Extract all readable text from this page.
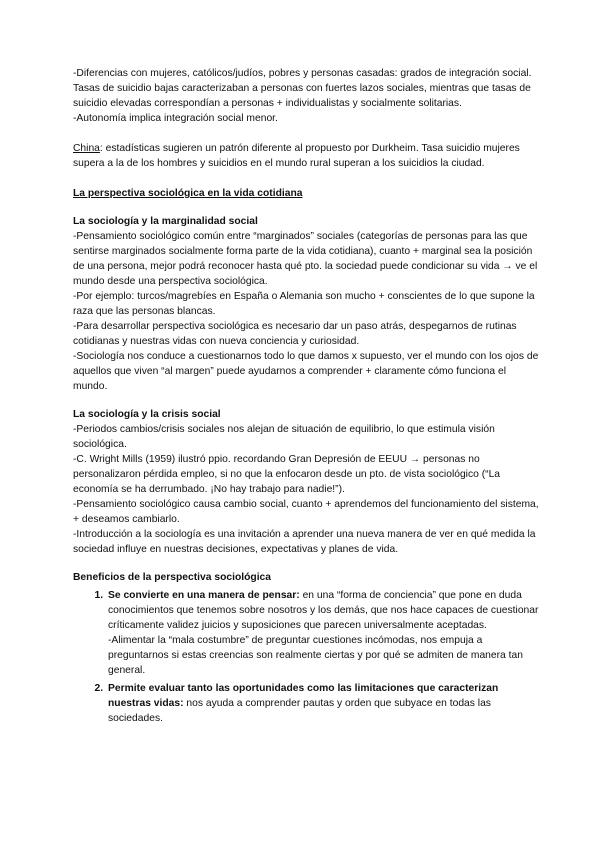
-Diferencias con mujeres, católicos/judíos, pobres y personas casadas: grados de integración social. Tasas de suicidio bajas caracterizaban a personas con fuertes lazos sociales, mientras que tasas de suicidio elevadas correspondían a personas + individualistas y socialmente solitarias.

-Autonomía implica integración social menor.

China: estadísticas sugieren un patrón diferente al propuesto por Durkheim. Tasa suicidio mujeres supera a la de los hombres y suicidios en el mundo rural superan a los suicidios la ciudad.

La perspectiva sociológica en la vida cotidiana

La sociología y la marginalidad social

-Pensamiento sociológico común entre “marginados” sociales (categorías de personas para las que sentirse marginados socialmente forma parte de la vida cotidiana), cuanto + marginal sea la posición de una persona, mejor podrá reconocer hasta qué pto. la sociedad puede condicionar su vida → ve el mundo desde una perspectiva sociológica.

-Por ejemplo: turcos/magrebíes en España o Alemania son mucho + conscientes de lo que supone la raza que las personas blancas.

-Para desarrollar perspectiva sociológica es necesario dar un paso atrás, despegarnos de rutinas cotidianas y nuestras vidas con nueva conciencia y curiosidad.

-Sociología nos conduce a cuestionarnos todo lo que damos x supuesto, ver el mundo con los ojos de aquellos que viven “al margen” puede ayudarnos a comprender + claramente cómo funciona el mundo.

La sociología y la crisis social

-Periodos cambios/crisis sociales nos alejan de situación de equilibrio, lo que estimula visión sociológica.

-C. Wright Mills (1959) ilustró ppio. recordando Gran Depresión de EEUU → personas no personalizaron pérdida empleo, si no que la enfocaron desde un pto. de vista sociológico (“La economía se ha derrumbado. ¡No hay trabajo para nadie!”).

-Pensamiento sociológico causa cambio social, cuanto + aprendemos del funcionamiento del sistema, + deseamos cambiarlo.

-Introducción a la sociología es una invitación a aprender una nueva manera de ver en qué medida la sociedad influye en nuestras decisiones, expectativas y planes de vida.

Beneficios de la perspectiva sociológica

1. Se convierte en una manera de pensar: en una “forma de conciencia” que pone en duda conocimientos que tenemos sobre nosotros y los demás, que nos hace capaces de cuestionar críticamente validez juicios y suposiciones que parecen universalmente aceptadas.
-Alimentar la “mala costumbre” de preguntar cuestiones incómodas, nos empuja a preguntarnos si estas creencias son realmente ciertas y por qué se admiten de manera tan general.
2. Permite evaluar tanto las oportunidades como las limitaciones que caracterizan nuestras vidas: nos ayuda a comprender pautas y orden que subyace en todas las sociedades.
